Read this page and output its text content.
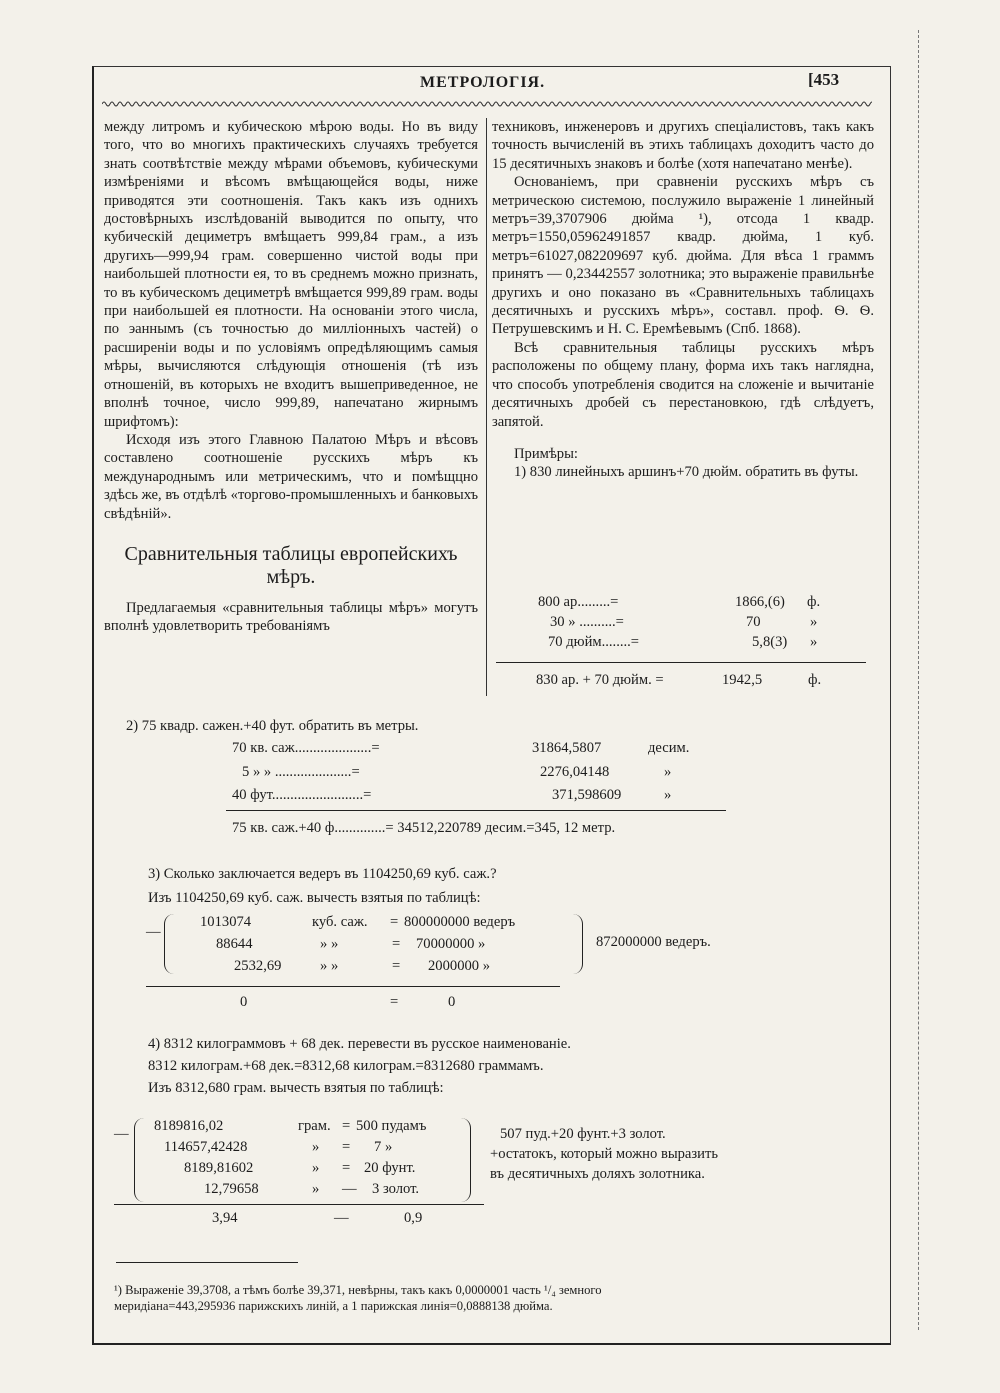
МЕТРОЛОГІЯ.	[453

между литромъ и кубическою мѣрою воды. Но въ виду того, что во многихъ практическихъ случаяхъ требуется знать соотвѣтствіе между мѣрами объемовъ, кубическуми измѣреніями и вѣсомъ вмѣщающейся воды, ниже приводятся эти соотношенія. Такъ какъ изъ однихъ достовѣрныхъ изслѣдованій выводится по опыту, что кубическій дециметръ вмѣщаетъ 999,84 грам., а изъ другихъ—999,94 грам. совершенно чистой воды при наибольшей плотности ея, то въ среднемъ можно признать, то въ кубическомъ дециметрѣ вмѣщается 999,89 грам. воды при наибольшей ея плотности. На основаніи этого числа, по эаннымъ (съ точностью до милліонныхъ частей) о расширеніи воды и по условіямъ опредѣляющимъ самыя мѣры, вычисляются слѣдующія отношенія (тѣ изъ отношеній, въ которыхъ не входитъ вышеприведенное, не вполнѣ точное, число 999,89, напечатано жирнымъ шрифтомъ):

Исходя изъ этого Главною Палатою Мѣръ и вѣсовъ составлено соотношеніе русскихъ мѣръ къ международнымъ или метрическимъ, что и помѣщцно здѣсь же, въ отдѣлѣ «торгово-промышленныхъ и банковыхъ свѣдѣній».

Сравнительныя таблицы европейскихъ мѣръ.

Предлагаемыя «сравнительныя таблицы мѣръ» могутъ вполнѣ удовлетворить требованіямъ

техниковъ, инженеровъ и другихъ спеціалистовъ, такъ какъ точность вычисленій въ этихъ таблицахъ доходитъ часто до 15 десятичныхъ знаковъ и болѣе (хотя напечатано менѣе).

Основаніемъ, при сравненіи русскихъ мѣръ съ метрическою системою, послужило выраженіе 1 линейный метръ=39,3707906 дюйма ¹), отсода 1 квадр. метръ=1550,05962491857 квадр. дюйма, 1 куб. метръ=61027,082209697 куб. дюйма. Для вѣса 1 граммъ принятъ — 0,23442557 золотника; это выраженіе правильнѣе другихъ и оно показано въ «Сравнительныхъ таблицахъ десятичныхъ и русскихъ мѣръ», составл. проф. Ѳ. Ѳ. Петрушевскимъ и Н. С. Еремѣевымъ (Спб. 1868).

Всѣ сравнительныя таблицы русскихъ мѣръ расположены по общему плану, форма ихъ такъ наглядна, что способъ употребленія сводится на сложеніе и вычитаніе десятичныхъ дробей съ перестановкою, гдѣ слѣдуетъ, запятой.

Примѣры:

1) 830 линейныхъ аршинъ+70 дюйм. обратить въ футы.

800 ар.........=	1866,(6) ф.
30 » ..........=	70	»
70 дюйм........=	5,8(3) »
830 ар. + 70 дюйм. =	1942,5	ф.
2) 75 квадр. сажен.+40 фут. обратить въ метры.
70 кв. саж.....................=	31864,5807	десим.
5 » » .....................=	2276,04148	»
40 фут.........................=	371,598609	»
75 кв. саж.+40 ф..............= 34512,220789 десим.=345, 12 метр.
3) Сколько заключается ведеръ въ 1104250,69 куб. саж.?
Изъ 1104250,69 куб. саж. вычесть взятыя по таблицѣ:
—
1013074	куб. саж. = 800000000 ведеръ
88644	» »	= 70000000 »
2532,69	» »	= 2000000 »
872000000 ведеръ.
0	=	0
4) 8312 килограммовъ + 68 дек. перевести въ русское наименованіе.
8312 килограм.+68 дек.=8312,68 килограм.=8312680 граммамъ.
Изъ 8312,680 грам. вычесть взятыя по таблицѣ:
— 8189816,02	грам. = 500 пудамъ
114657,42428	» = 7 »
8189,81602	» = 20 фунт.
12,79658	» — 3 золот.
507 пуд.+20 фунт.+3 золот.
+остатокъ, который можно выразить
въ десятичныхъ доляхъ золотника.
3,94	—	0,9
¹) Выраженіе 39,3708, а тѣмъ болѣе 39,371, невѣрны, такъ какъ 0,0000001 часть ¹/₄ земного
меридіана=443,295936 парижскихъ линій, а 1 парижская линія=0,0888138 дюйма.
